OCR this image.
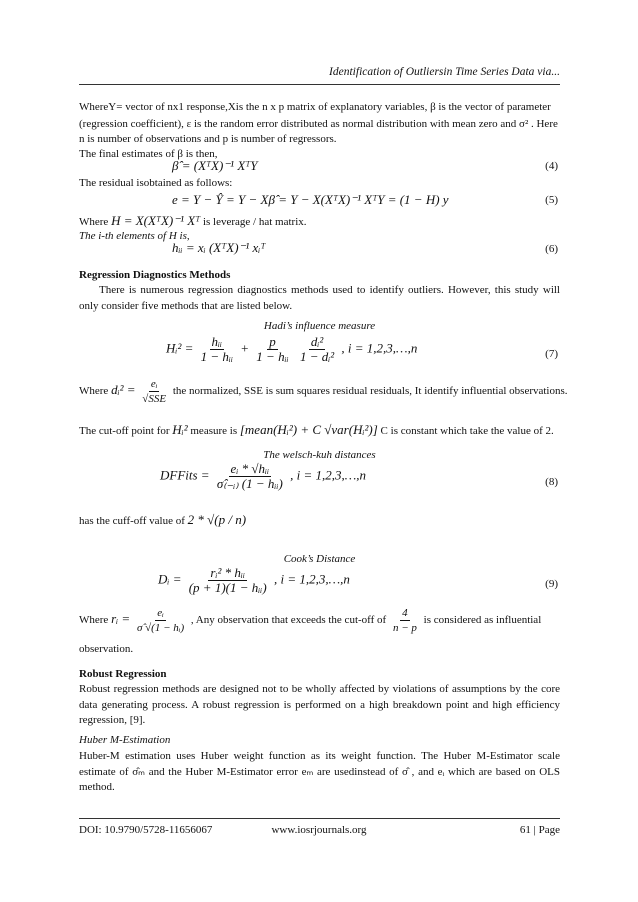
Identification of Outliersin Time Series Data via...
WhereY= vector of nx1 response,Xis the n x p matrix of explanatory variables, β is the vector of parameter
(regression coefficient), ε is the random error distributed as normal distribution with mean zero and σ² . Here
n is number of observations and p is number of regressors.
The final estimates of β is then,
β̂ = (XᵀX)⁻¹ XᵀY	(4)
The residual isobtained as follows:
e = Y − Ŷ = Y − Xβ̂ = Y − X(XᵀX)⁻¹ XᵀY = (1 − H) y	(5)
Where H = X(XᵀX)⁻¹ Xᵀ is leverage / hat matrix.
The i-th elements of H is,
hᵢᵢ = xᵢ (XᵀX)⁻¹ xᵢᵀ	(6)
Regression Diagnostics Methods
There is numerous regression diagnostics methods used to identify outliers. However, this study will only consider five methods that are listed below.
Hadi’s influence measure
Hᵢ² = $\frac{\text{hᵢᵢ}}{\text{1 − hᵢᵢ}} + \frac{p}{\text{1 − hᵢᵢ}}$
$\frac{\text{dᵢ²}}{\text{1 − dᵢ²}}$ , i = 1,2,3,…,n	(7)
Where dᵢ² = $\frac{\text{eᵢ}}{\text{√SSE}}$ the normalized, SSE is sum squares residual residuals, It identify influential observations.
The cut-off point for Hᵢ² measure is [mean(Hᵢ²) + C √var(Hᵢ²)] C is constant which take the value of 2.
The welsch-kuh distances
DFFits = $\frac{\text{eᵢ * √hᵢᵢ}}{\text{σ̂₍₋ᵢ₎ (1 − hᵢᵢ)}}$ , i = 1,2,3,…,n	(8)
has the cuff-off value of 2 * √(p / n)
Cook’s Distance
Dᵢ = $\frac{\text{rᵢ² * hᵢᵢ}}{\text{(p + 1)(1 − hᵢᵢ)}}$ , i = 1,2,3,…,n	(9)
Where rᵢ = $\frac{\text{eᵢ}}{\text{σ̂ √(1 − hᵢ)}}$ , Any observation that exceeds the cut-off of $\frac{4}{n - p}$ is considered as influential
observation.
Robust Regression
Robust regression methods are designed not to be wholly affected by violations of assumptions by the core data generating process. A robust regression is performed on a high breakdown point and high efficiency regression, [9].
Huber M-Estimation
Huber-M estimation uses Huber weight function as its weight function. The Huber M-Estimator scale estimate of σ̂ₘ and the Huber M-Estimator error eₘ are usedinstead of σ̂ , and eᵢ which are based on OLS method.
DOI: 10.9790/5728-11656067	www.iosrjournals.org	61 | Page
